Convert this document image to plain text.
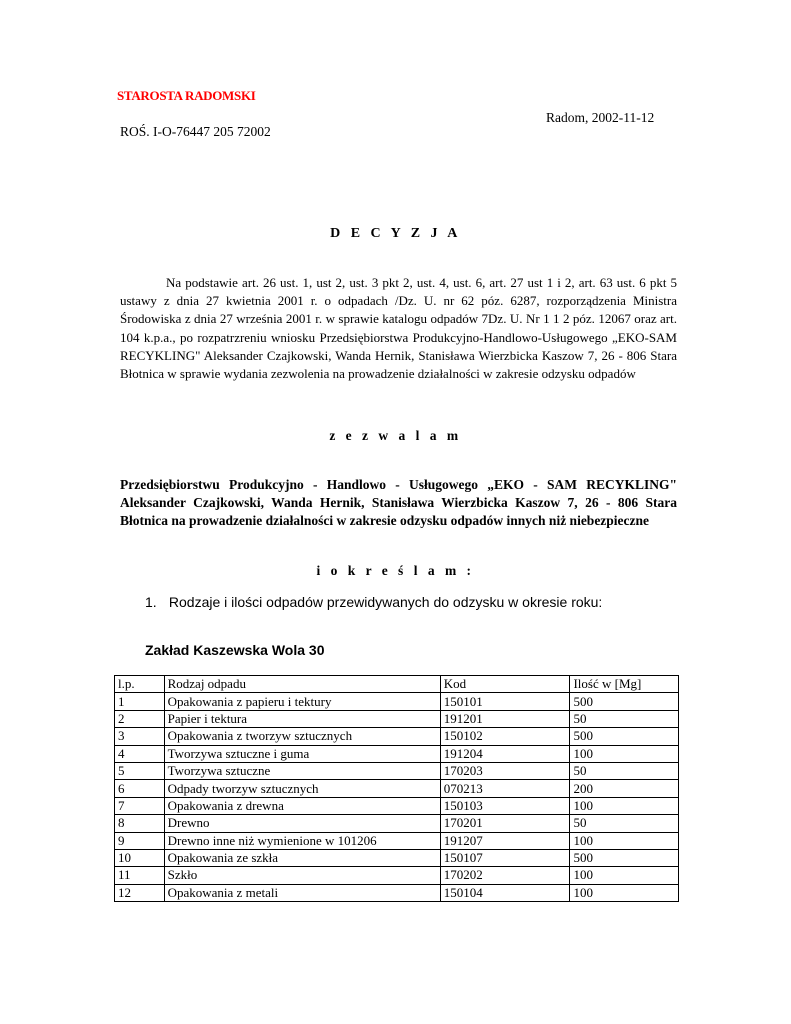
STAROSTA RADOMSKI
ROŚ. I-O-76447 205 72002
Radom, 2002-11-12
D E C Y Z J A
Na podstawie art. 26 ust. 1, ust 2, ust. 3 pkt 2, ust. 4, ust. 6, art. 27 ust 1 i 2, art. 63 ust. 6 pkt 5 ustawy z dnia 27 kwietnia 2001 r. o odpadach /Dz. U. nr 62 póz. 6287, rozporządzenia Ministra Środowiska z dnia 27 września 2001 r. w sprawie katalogu odpadów 7Dz. U. Nr 1 1 2 póz. 12067 oraz art. 104 k.p.a., po rozpatrzreniu wniosku Przedsiębiorstwa Produkcyjno-Handlowo-Usługowego „EKO-SAM RECYKLING" Aleksander Czajkowski, Wanda Hernik, Stanisława Wierzbicka Kaszow 7, 26 - 806 Stara Błotnica w sprawie wydania zezwolenia na prowadzenie działalności w zakresie odzysku odpadów
z e z w a l a m
Przedsiębiorstwu Produkcyjno - Handlowo - Usługowego „EKO - SAM RECYKLING" Aleksander Czajkowski, Wanda Hernik, Stanisława Wierzbicka Kaszow 7, 26 - 806 Stara Błotnica na prowadzenie działalności w zakresie odzysku odpadów innych niż niebezpieczne
i o k r e ś l a m :
1. Rodzaje i ilości odpadów przewidywanych do odzysku w okresie roku:
Zakład Kaszewska Wola 30
l.p.	Rodzaj odpadu	Kod	Ilość w [Mg]
1	Opakowania z papieru i tektury	150101	500
2	Papier i tektura	191201	50
3	Opakowania z tworzyw sztucznych	150102	500
4	Tworzywa sztuczne i guma	191204	100
5	Tworzywa sztuczne	170203	50
6	Odpady tworzyw sztucznych	070213	200
7	Opakowania z drewna	150103	100
8	Drewno	170201	50
9	Drewno inne niż wymienione w 101206	191207	100
10	Opakowania ze szkła	150107	500
11	Szkło	170202	100
12	Opakowania z metali	150104	100
